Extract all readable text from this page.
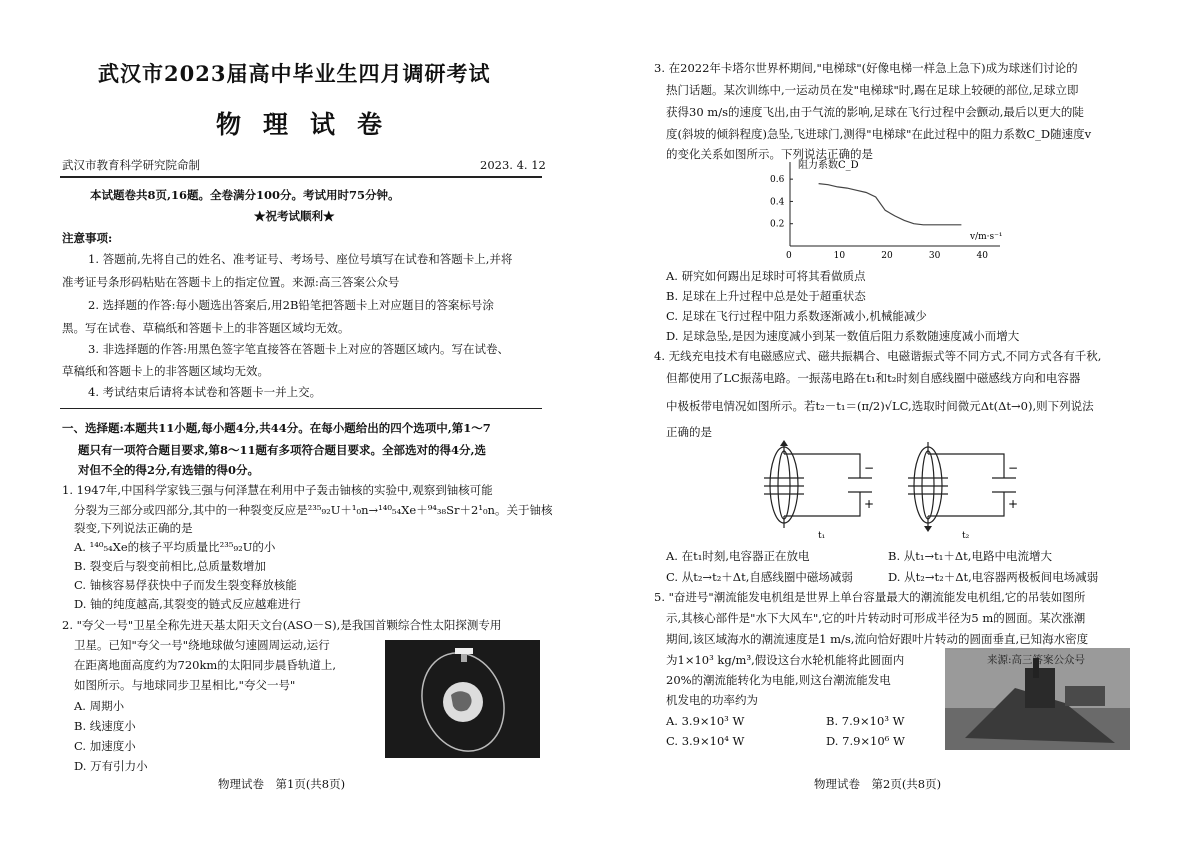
武汉市2023届高中毕业生四月调研考试
物理试卷
武汉市教育科学研究院命制	2023. 4. 12
本试题卷共8页,16题。全卷满分100分。考试用时75分钟。
★祝考试顺利★
注意事项:
1. 答题前,先将自己的姓名、准考证号、考场号、座位号填写在试卷和答题卡上,并将
准考证号条形码粘贴在答题卡上的指定位置。来源:高三答案公众号
2. 选择题的作答:每小题选出答案后,用2B铅笔把答题卡上对应题目的答案标号涂
黑。写在试卷、草稿纸和答题卡上的非答题区域均无效。
3. 非选择题的作答:用黑色签字笔直接答在答题卡上对应的答题区域内。写在试卷、
草稿纸和答题卡上的非答题区域均无效。
4. 考试结束后请将本试卷和答题卡一并上交。
一、选择题:本题共11小题,每小题4分,共44分。在每小题给出的四个选项中,第1～7
题只有一项符合题目要求,第8～11题有多项符合题目要求。全部选对的得4分,选
对但不全的得2分,有选错的得0分。
1. 1947年,中国科学家钱三强与何泽慧在利用中子轰击铀核的实验中,观察到铀核可能
分裂为三部分或四部分,其中的一种裂变反应是²³⁵₉₂U＋¹₀n→¹⁴⁰₅₄Xe＋⁹⁴₃₈Sr＋2¹₀n。关于铀核
裂变,下列说法正确的是
A. ¹⁴⁰₅₄Xe的核子平均质量比²³⁵₉₂U的小
B. 裂变后与裂变前相比,总质量数增加
C. 铀核容易俘获快中子而发生裂变释放核能
D. 铀的纯度越高,其裂变的链式反应越难进行
2. "夸父一号"卫星全称先进天基太阳天文台(ASO－S),是我国首颗综合性太阳探测专用
卫星。已知"夸父一号"绕地球做匀速圆周运动,运行
在距离地面高度约为720km的太阳同步晨昏轨道上,
如图所示。与地球同步卫星相比,"夸父一号"
A. 周期小
B. 线速度小
C. 加速度小
D. 万有引力小
物理试卷　第1页(共8页)
3. 在2022年卡塔尔世界杯期间,"电梯球"(好像电梯一样急上急下)成为球迷们讨论的
热门话题。某次训练中,一运动员在发"电梯球"时,踢在足球上较硬的部位,足球立即
获得30 m/s的速度飞出,由于气流的影响,足球在飞行过程中会颤动,最后以更大的陡
度(斜坡的倾斜程度)急坠,飞进球门,测得"电梯球"在此过程中的阻力系数C_D随速度v
的变化关系如图所示。下列说法正确的是
0	10	20	30	40
0.2
0.4
0.6
阻力系数C_D
v/m·s⁻¹
A. 研究如何踢出足球时可将其看做质点
B. 足球在上升过程中总是处于超重状态
C. 足球在飞行过程中阻力系数逐渐减小,机械能减少
D. 足球急坠,是因为速度减小到某一数值后阻力系数随速度减小而增大
4. 无线充电技术有电磁感应式、磁共振耦合、电磁谐振式等不同方式,不同方式各有千秋,
但都使用了LC振荡电路。一振荡电路在t₁和t₂时刻自感线圈中磁感线方向和电容器
中极板带电情况如图所示。若t₂－t₁＝(π/2)√LC,选取时间微元Δt(Δt→0),则下列说法
正确的是
−
+
−
+
t₁	t₂
A. 在t₁时刻,电容器正在放电	B. 从t₁→t₁＋Δt,电路中电流增大
C. 从t₂→t₂＋Δt,自感线圈中磁场减弱	D. 从t₂→t₂＋Δt,电容器两极板间电场减弱
5. "奋进号"潮流能发电机组是世界上单台容量最大的潮流能发电机组,它的吊装如图所
示,其核心部件是"水下大风车",它的叶片转动时可形成半径为5 m的圆面。某次涨潮
期间,该区域海水的潮流速度是1 m/s,流向恰好跟叶片转动的圆面垂直,已知海水密度
为1×10³ kg/m³,假设这台水轮机能将此圆面内
20%的潮流能转化为电能,则这台潮流能发电
机发电的功率约为
A. 3.9×10³ W	B. 7.9×10³ W
C. 3.9×10⁴ W	D. 7.9×10⁶ W
来源:高三答案公众号
物理试卷　第2页(共8页)
